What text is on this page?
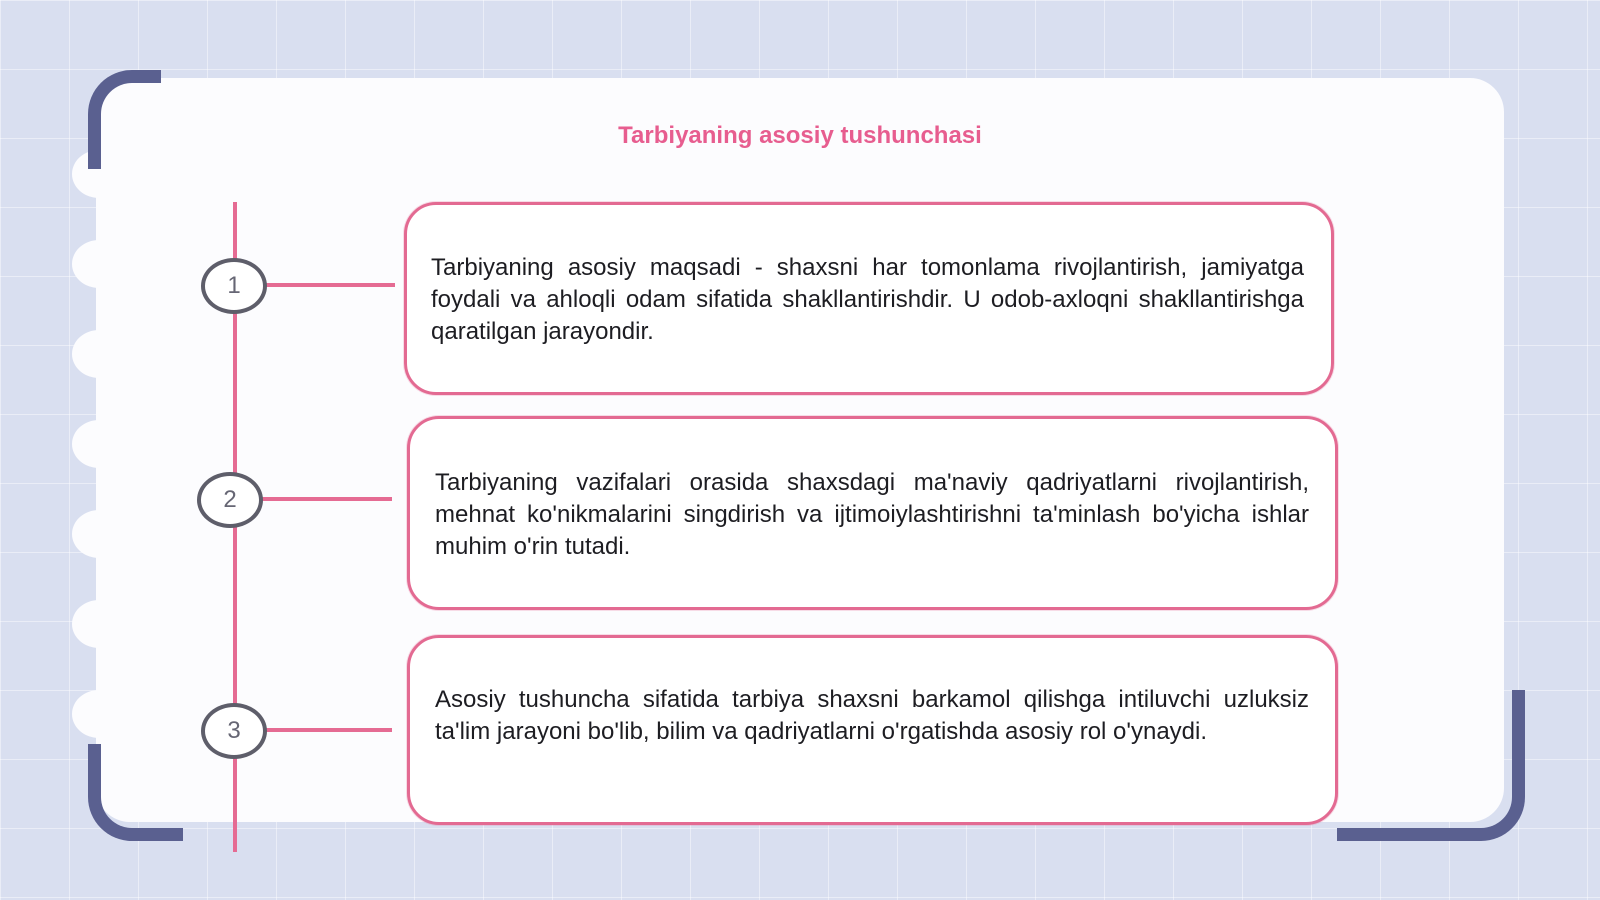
Tarbiyaning asosiy tushunchasi
1
Tarbiyaning asosiy maqsadi - shaxsni har tomonlama rivojlantirish, jamiyatga foydali va ahloqli odam sifatida shakllantirishdir. U odob-axloqni shakllantirishga qaratilgan jarayondir.
2
Tarbiyaning vazifalari orasida shaxsdagi ma'naviy qadriyatlarni rivojlantirish, mehnat ko'nikmalarini singdirish va ijtimoiylashtirishni ta'minlash bo'yicha ishlar muhim o'rin tutadi.
3
Asosiy tushuncha sifatida tarbiya shaxsni barkamol qilishga intiluvchi uzluksiz ta'lim jarayoni bo'lib, bilim va qadriyatlarni o'rgatishda asosiy rol o'ynaydi.
